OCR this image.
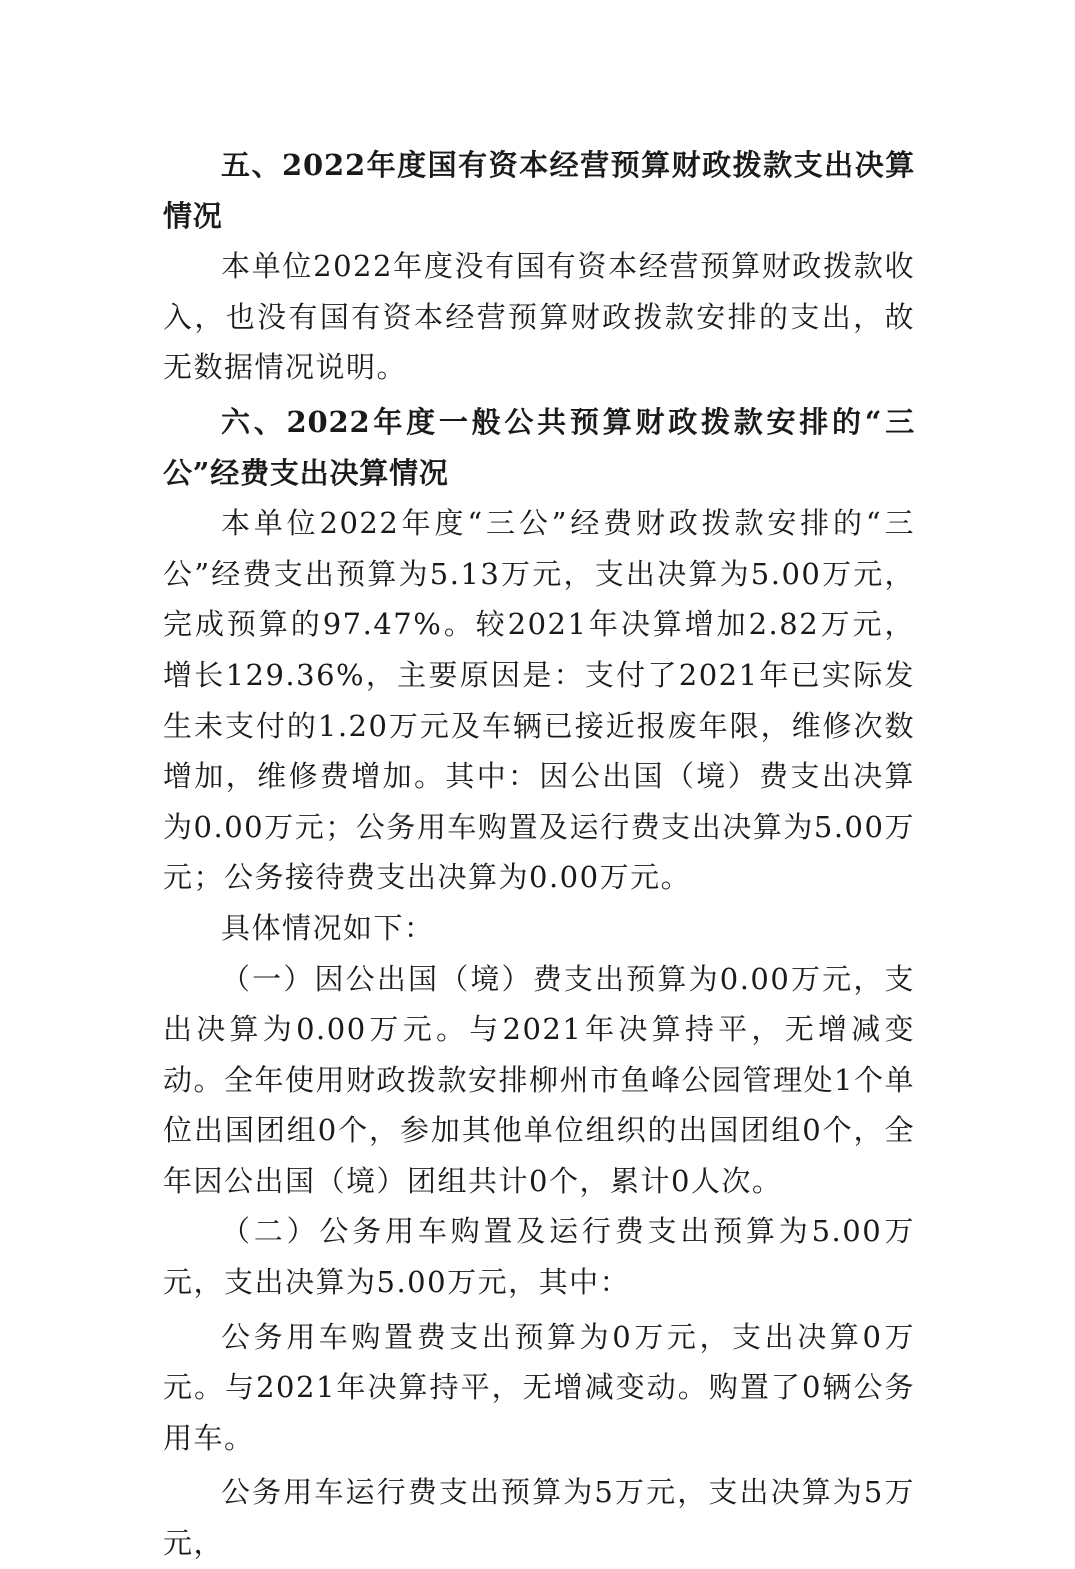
五、2022年度国有资本经营预算财政拨款支出决算情况

本单位2022年度没有国有资本经营预算财政拨款收入，也没有国有资本经营预算财政拨款安排的支出，故无数据情况说明。

六、2022年度一般公共预算财政拨款安排的“三公”经费支出决算情况

本单位2022年度“三公”经费财政拨款安排的“三公”经费支出预算为5.13万元，支出决算为5.00万元，完成预算的97.47%。较2021年决算增加2.82万元，增长129.36%，主要原因是：支付了2021年已实际发生未支付的1.20万元及车辆已接近报废年限，维修次数增加，维修费增加。其中：因公出国（境）费支出决算为0.00万元；公务用车购置及运行费支出决算为5.00万元；公务接待费支出决算为0.00万元。

具体情况如下：

（一）因公出国（境）费支出预算为0.00万元，支出决算为0.00万元。与2021年决算持平，无增减变动。全年使用财政拨款安排柳州市鱼峰公园管理处1个单位出国团组0个，参加其他单位组织的出国团组0个，全年因公出国（境）团组共计0个，累计0人次。

（二）公务用车购置及运行费支出预算为5.00万元，支出决算为5.00万元，其中：

公务用车购置费支出预算为0万元，支出决算0万元。与2021年决算持平，无增减变动。购置了0辆公务用车。

公务用车运行费支出预算为5万元，支出决算为5万元，
